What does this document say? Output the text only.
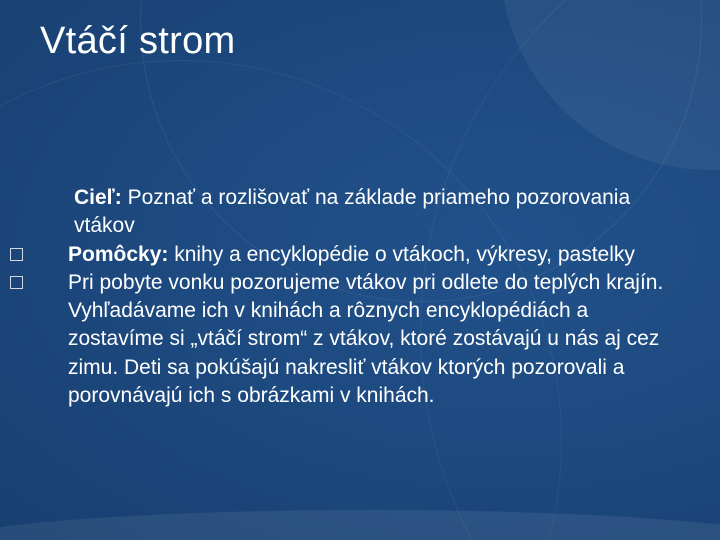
Vtáčí strom
Cieľ: Poznať a rozlišovať na základe priameho pozorovania vtákov
Pomôcky: knihy a encyklopédie o vtákoch, výkresy, pastelky
Pri pobyte vonku pozorujeme vtákov pri odlete do teplých krajín. Vyhľadávame ich v knihách a rôznych encyklopédiách a zostavíme si „vtáčí strom“ z vtákov, ktoré zostávajú u nás aj cez zimu. Deti sa pokúšajú nakresliť vtákov ktorých pozorovali a porovnávajú ich s obrázkami v knihách.
